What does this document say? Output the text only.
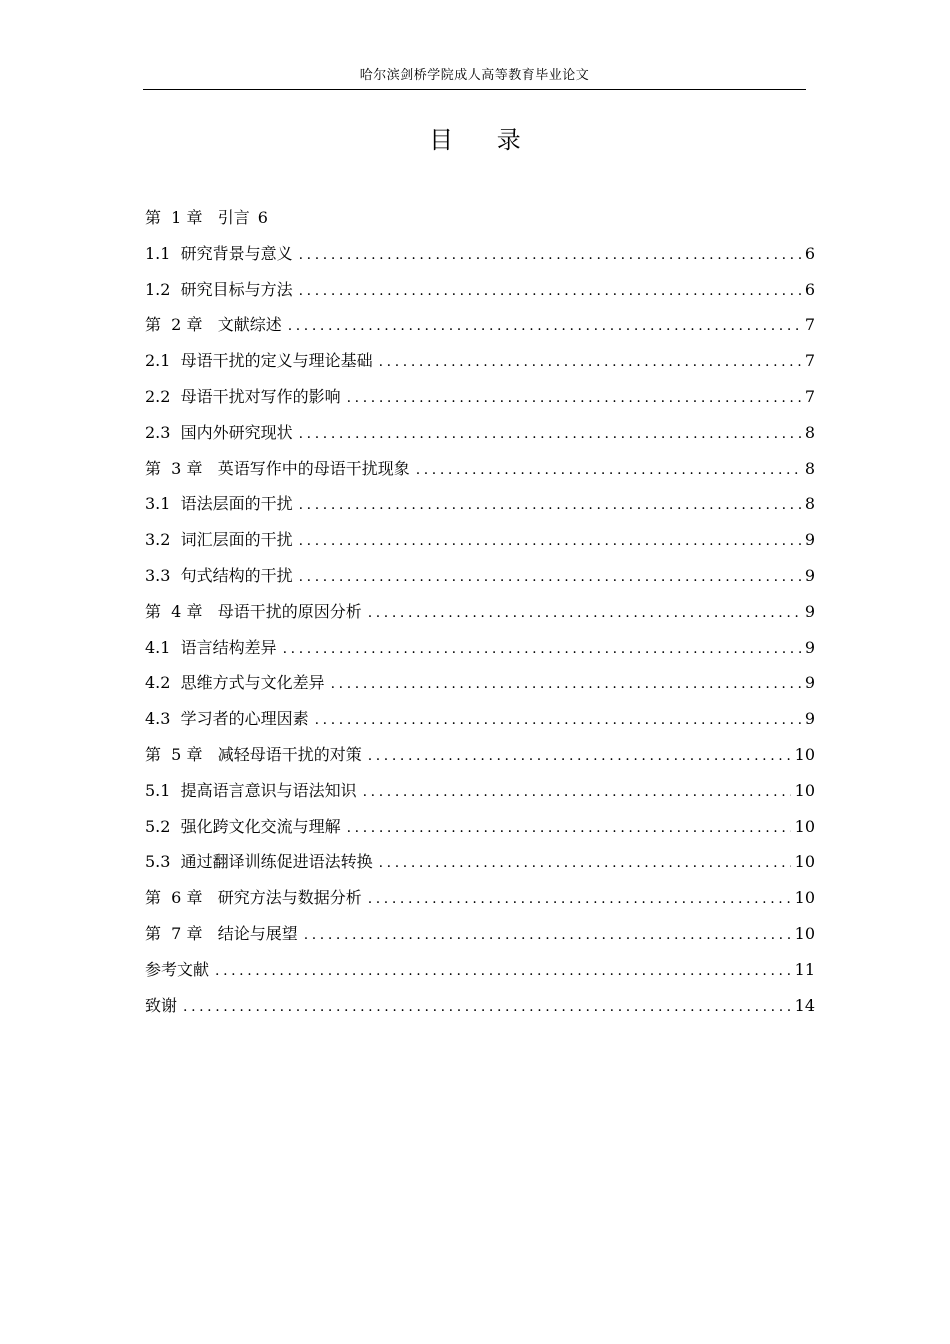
哈尔滨剑桥学院成人高等教育毕业论文
目 录
第  1 章   引言 6
1.1  研究背景与意义 .....	6
1.2  研究目标与方法 .....	6
第  2 章   文献综述 .....	7
2.1  母语干扰的定义与理论基础 .....	7
2.2  母语干扰对写作的影响 .....	7
2.3  国内外研究现状 .....	8
第  3 章   英语写作中的母语干扰现象 .....	8
3.1  语法层面的干扰 .....	8
3.2  词汇层面的干扰 .....	9
3.3  句式结构的干扰 .....	9
第  4 章   母语干扰的原因分析 .....	9
4.1  语言结构差异 .....	9
4.2  思维方式与文化差异 .....	9
4.3  学习者的心理因素 .....	9
第  5 章   减轻母语干扰的对策 .....	10
5.1  提高语言意识与语法知识 .....	10
5.2  强化跨文化交流与理解 .....	10
5.3  通过翻译训练促进语法转换 .....	10
第  6 章   研究方法与数据分析 .....	10
第  7 章   结论与展望 .....	10
参考文献 .....	11
致谢 .....	14
